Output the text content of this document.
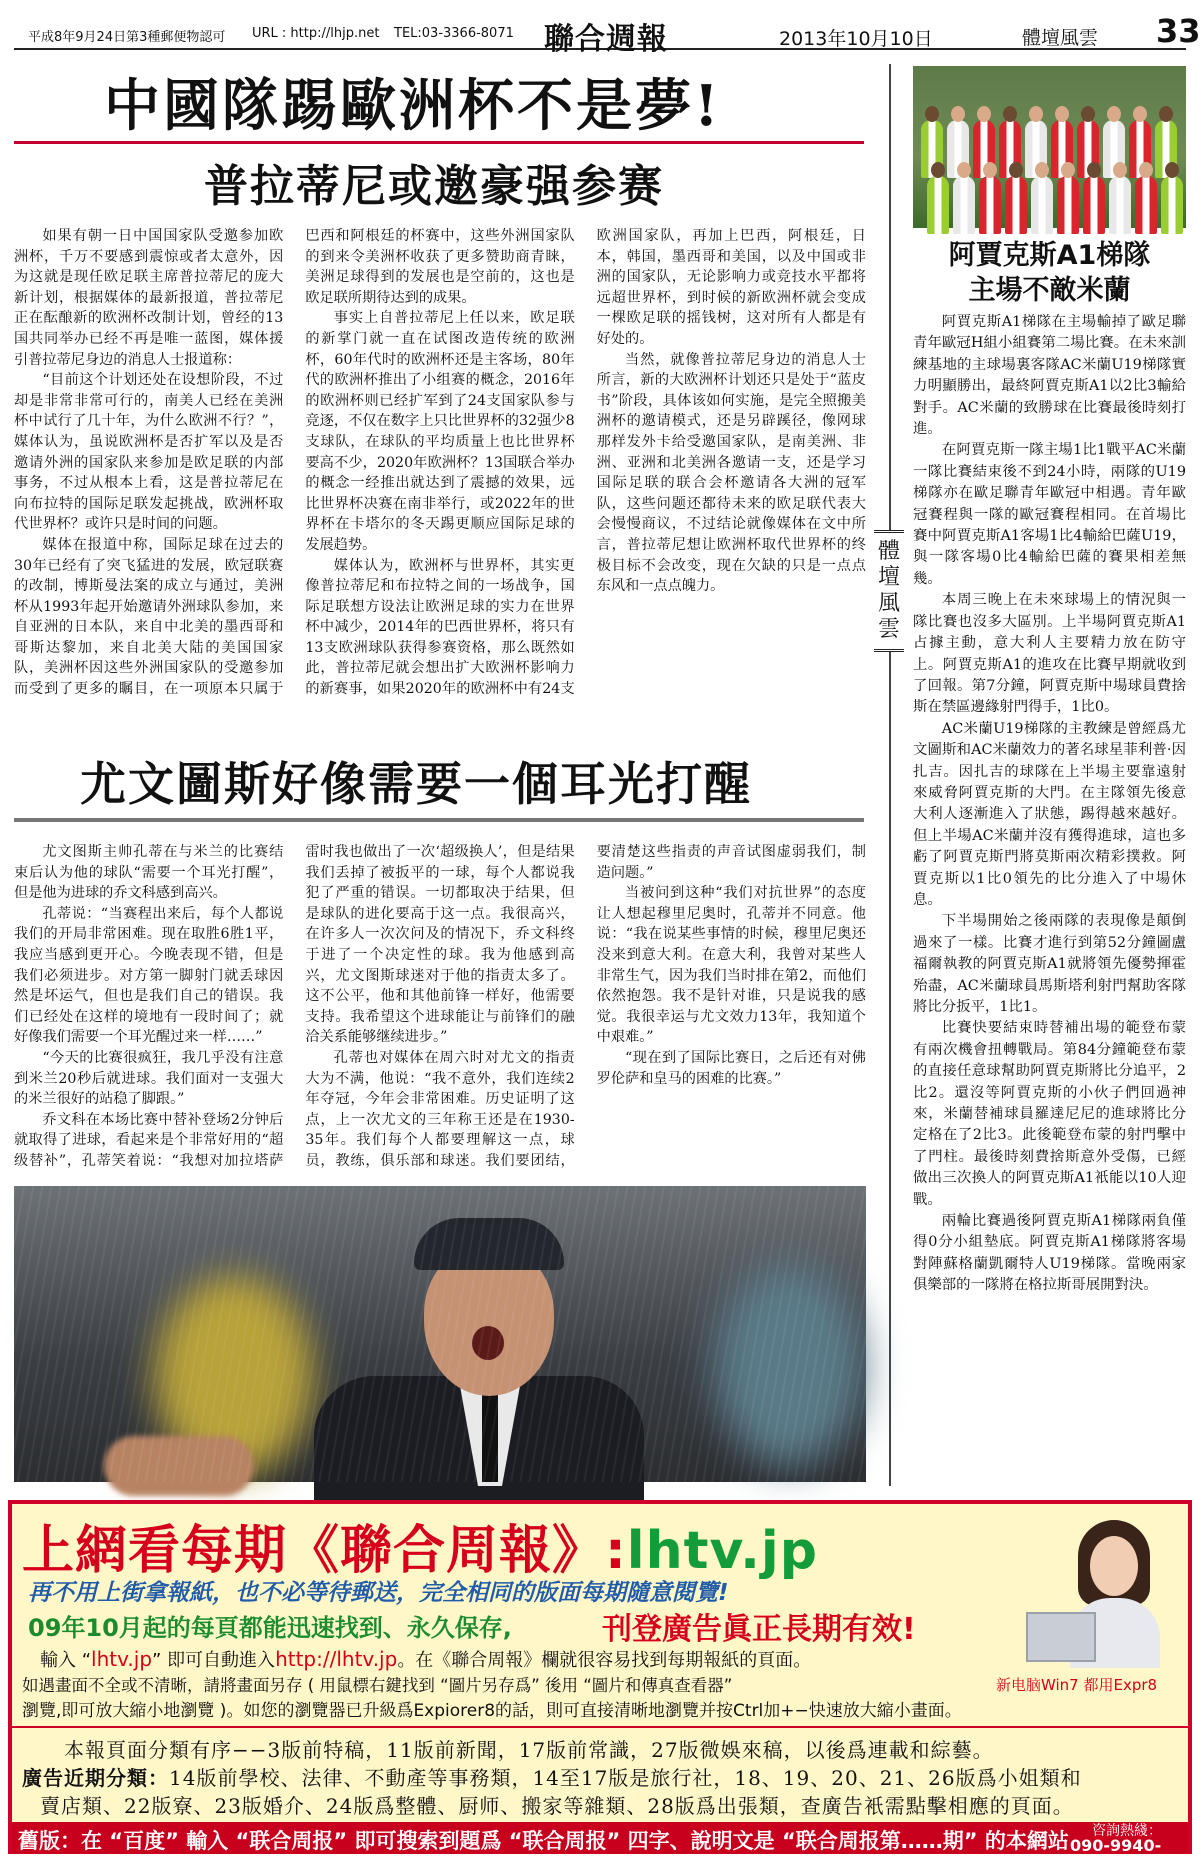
平成8年9月24日第3種郵便物認可 URL : http://lhjp.net TEL:03-3366-8071 聯合週報	2013年10月10日	體壇風雲 33
中國隊踢歐洲杯不是夢!
普拉蒂尼或邀豪强参赛

如果有朝一日中国国家队受邀参加欧洲杯，千万不要感到震惊或者太意外，因为这就是现任欧足联主席普拉蒂尼的庞大新计划，根据媒体的最新报道，普拉蒂尼正在酝酿新的欧洲杯改制计划，曾经的13国共同举办已经不再是唯一蓝图，媒体援引普拉蒂尼身边的消息人士报道称：

“目前这个计划还处在设想阶段，不过却是非常非常可行的，南美人已经在美洲杯中试行了几十年，为什么欧洲不行？”，媒体认为，虽说欧洲杯是否扩军以及是否邀请外洲的国家队来参加是欧足联的内部事务，不过从根本上看，这是普拉蒂尼在向布拉特的国际足联发起挑战，欧洲杯取代世界杯？或许只是时间的问题。

媒体在报道中称，国际足球在过去的30年已经有了突飞猛进的发展，欧冠联赛的改制，博斯曼法案的成立与通过，美洲杯从1993年起开始邀请外洲球队参加，来自亚洲的日本队，来自中北美的墨西哥和哥斯达黎加，来自北美大陆的美国国家队，美洲杯因这些外洲国家队的受邀参加而受到了更多的瞩目，在一项原本只属于巴西和阿根廷的杯赛中，这些外洲国家队的到来令美洲杯收获了更多赞助商青睐，美洲足球得到的发展也是空前的，这也是欧足联所期待达到的成果。

事实上自普拉蒂尼上任以来，欧足联的新掌门就一直在试图改造传统的欧洲杯，60年代时的欧洲杯还是主客场，80年代的欧洲杯推出了小组赛的概念，2016年的欧洲杯则已经扩军到了24支国家队参与竞逐，不仅在数字上只比世界杯的32强少8支球队，在球队的平均质量上也比世界杯要高不少，2020年欧洲杯？13国联合举办的概念一经推出就达到了震撼的效果，远比世界杯决赛在南非举行，或2022年的世界杯在卡塔尔的冬天踢更顺应国际足球的发展趋势。

媒体认为，欧洲杯与世界杯，其实更像普拉蒂尼和布拉特之间的一场战争，国际足联想方设法让欧洲足球的实力在世界杯中减少，2014年的巴西世界杯，将只有13支欧洲球队获得参赛资格，那么既然如此，普拉蒂尼就会想出扩大欧洲杯影响力的新赛事，如果2020年的欧洲杯中有24支欧洲国家队，再加上巴西，阿根廷，日本，韩国，墨西哥和美国，以及中国或非洲的国家队，无论影响力或竞技水平都将远超世界杯，到时候的新欧洲杯就会变成一棵欧足联的摇钱树，这对所有人都是有好处的。

当然，就像普拉蒂尼身边的消息人士所言，新的大欧洲杯计划还只是处于“蓝皮书”阶段，具体该如何实施，是完全照搬美洲杯的邀请模式，还是另辟蹊径，像网球那样发外卡给受邀国家队，是南美洲、非洲、亚洲和北美洲各邀请一支，还是学习国际足联的联合会杯邀请各大洲的冠军队，这些问题还都待未来的欧足联代表大会慢慢商议，不过结论就像媒体在文中所言，普拉蒂尼想让欧洲杯取代世界杯的终极目标不会改变，现在欠缺的只是一点点东风和一点点魄力。

尤文圖斯好像需要一個耳光打醒

尤文图斯主帅孔蒂在与米兰的比赛结束后认为他的球队“需要一个耳光打醒”，但是他为进球的乔文科感到高兴。

孔蒂说：“当赛程出来后，每个人都说我们的开局非常困难。现在取胜6胜1平，我应当感到更开心。今晚表现不错，但是我们必须进步。对方第一脚射门就丢球因然是坏运气，但也是我们自己的错误。我们已经处在这样的境地有一段时间了；就好像我们需要一个耳光醒过来一样……”

“今天的比赛很疯狂，我几乎没有注意到米兰20秒后就进球。我们面对一支强大的米兰很好的站稳了脚跟。”

乔文科在本场比赛中替补登场2分钟后就取得了进球，看起来是个非常好用的“超级替补”，孔蒂笑着说：“我想对加拉塔萨雷时我也做出了一次‘超级换人’，但是结果我们丢掉了被扳平的一球，每个人都说我犯了严重的错误。一切都取决于结果，但是球队的进化要高于这一点。我很高兴，在许多人一次次问及的情况下，乔文科终于进了一个决定性的球。我为他感到高兴，尤文图斯球迷对于他的指责太多了。这不公平，他和其他前锋一样好，他需要支持。我希望这个进球能让与前锋们的融洽关系能够继续进步。”

孔蒂也对媒体在周六时对尤文的指责大为不满，他说：“我不意外，我们连续2年夺冠，今年会非常困难。历史证明了这点，上一次尤文的三年称王还是在1930-35年。我们每个人都要理解这一点，球员，教练，俱乐部和球迷。我们要团结，要清楚这些指责的声音试图虚弱我们，制造问题。”

当被问到这种“我们对抗世界”的态度让人想起穆里尼奥时，孔蒂并不同意。他说：“我在说某些事情的时候，穆里尼奥还没来到意大利。在意大利，我曾对某些人非常生气，因为我们当时排在第2，而他们依然抱怨。我不是针对谁，只是说我的感觉。我很幸运与尤文效力13年，我知道个中艰难。”

“现在到了国际比赛日，之后还有对佛罗伦萨和皇马的困难的比赛。”

阿賈克斯A1梯隊
主場不敵米蘭

阿賈克斯A1梯隊在主場輸掉了歐足聯青年歐冠H組小組賽第二場比賽。在未來訓練基地的主球場裏客隊AC米蘭U19梯隊實力明顯勝出，最終阿賈克斯A1以2比3輸給對手。AC米蘭的致勝球在比賽最後時刻打進。

在阿賈克斯一隊主場1比1戰平AC米蘭一隊比賽結束後不到24小時，兩隊的U19梯隊亦在歐足聯青年歐冠中相遇。青年歐冠賽程與一隊的歐冠賽程相同。在首場比賽中阿賈克斯A1客場1比4輸給巴薩U19，與一隊客場0比4輸給巴薩的賽果相差無幾。

本周三晚上在未來球場上的情況與一隊比賽也沒多大區別。上半場阿賈克斯A1占據主動，意大利人主要精力放在防守上。阿賈克斯A1的進攻在比賽早期就收到了回報。第7分鐘，阿賈克斯中場球員費捨斯在禁區邊緣射門得手，1比0。

AC米蘭U19梯隊的主教練是曾經爲尤文圖斯和AC米蘭效力的著名球星菲利普·因扎吉。因扎吉的球隊在上半場主要靠遠射來威脅阿賈克斯的大門。在主隊領先後意大利人逐漸進入了狀態，踢得越來越好。但上半場AC米蘭并沒有獲得進球，這也多虧了阿賈克斯門將莫斯兩次精彩撲救。阿賈克斯以1比0領先的比分進入了中場休息。

下半場開始之後兩隊的表現像是顛倒過來了一樣。比賽才進行到第52分鐘圖盧福爾執教的阿賈克斯A1就將領先優勢揮霍殆盡，AC米蘭球員馬斯塔利射門幫助客隊將比分扳平，1比1。

比賽快要結束時替補出場的範登布蒙有兩次機會扭轉戰局。第84分鐘範登布蒙的直接任意球幫助阿賈克斯將比分追平，2比2。還沒等阿賈克斯的小伙子們回過神來，米蘭替補球員羅達尼尼的進球將比分定格在了2比3。此後範登布蒙的射門擊中了門柱。最後時刻費捨斯意外受傷，已經做出三次換人的阿賈克斯A1衹能以10人迎戰。

兩輪比賽過後阿賈克斯A1梯隊兩負僅得0分小組墊底。阿賈克斯A1梯隊將客場對陣蘇格蘭凱爾特人U19梯隊。當晚兩家俱樂部的一隊將在格拉斯哥展開對決。

體壇風雲
上網看每期《聯合周報》:lhtv.jp
再不用上街拿報紙，也不必等待郵送，完全相同的版面每期隨意閱覽!
09年10月起的每頁都能迅速找到、永久保存,	刊登廣告眞正長期有效!
輸入 “lhtv.jp” 即可自動進入http://lhtv.jp。在《聯合周報》欄就很容易找到每期報紙的頁面。
如遇畫面不全或不清晰，請將畫面另存 ( 用鼠標右鍵找到 “圖片另存爲” 後用 “圖片和傳真查看器”	新电脑Win7 都用Expr8
瀏覽,即可放大縮小地瀏覽 )。如您的瀏覽器已升級爲Expiorer8的話，則可直接清晰地瀏覽并按Ctrl加+−快速放大縮小畫面。
本報頁面分類有序−−3版前特稿，11版前新聞，17版前常識，27版微娛來稿，以後爲連載和綜藝。
廣告近期分類：14版前學校、法律、不動產等事務類，14至17版是旅行社，18、19、20、21、26版爲小姐類和
賣店類、22版寮、23版婚介、24版爲整體、厨师、搬家等雜類、28版爲出張類，查廣告衹需點擊相應的頁面。
舊版：在 “百度” 輸入 “联合周报” 即可搜索到題爲 “联合周报” 四字、說明文是 “联合周报第……期” 的本網站 咨詢熱綫：
090-9940-8999
